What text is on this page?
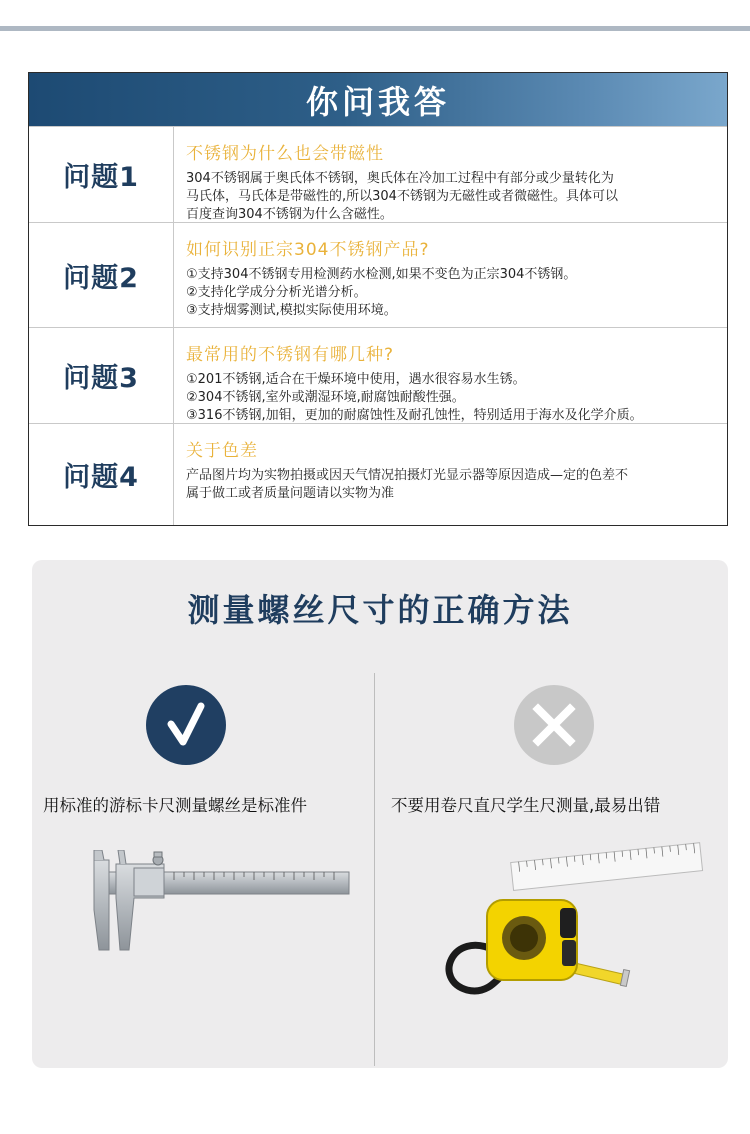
你问我答
问题1

不锈钢为什么也会带磁性

304不锈钢属于奥氏体不锈钢，奥氏体在冷加工过程中有部分或少量转化为
马氏体，马氏体是带磁性的,所以304不锈钢为无磁性或者微磁性。具体可以
百度查询304不锈钢为什么含磁性。
问题2

如何识别正宗304不锈钢产品?

①支持304不锈钢专用检测药水检测,如果不变色为正宗304不锈钢。
②支持化学成分分析光谱分析。
③支持烟雾测试,模拟实际使用环境。
问题3

最常用的不锈钢有哪几种?

①201不锈钢,适合在干燥环境中使用，遇水很容易水生锈。
②304不锈钢,室外或潮湿环境,耐腐蚀耐酸性强。
③316不锈钢,加钼，更加的耐腐蚀性及耐孔蚀性，特别适用于海水及化学介质。
问题4

关于色差

产品图片均为实物拍摄或因天气情况拍摄灯光显示器等原因造成—定的色差不
属于做工或者质量问题请以实物为准
测量螺丝尺寸的正确方法
用标准的游标卡尺测量螺丝是标准件	不要用卷尺直尺学生尺测量,最易出错
